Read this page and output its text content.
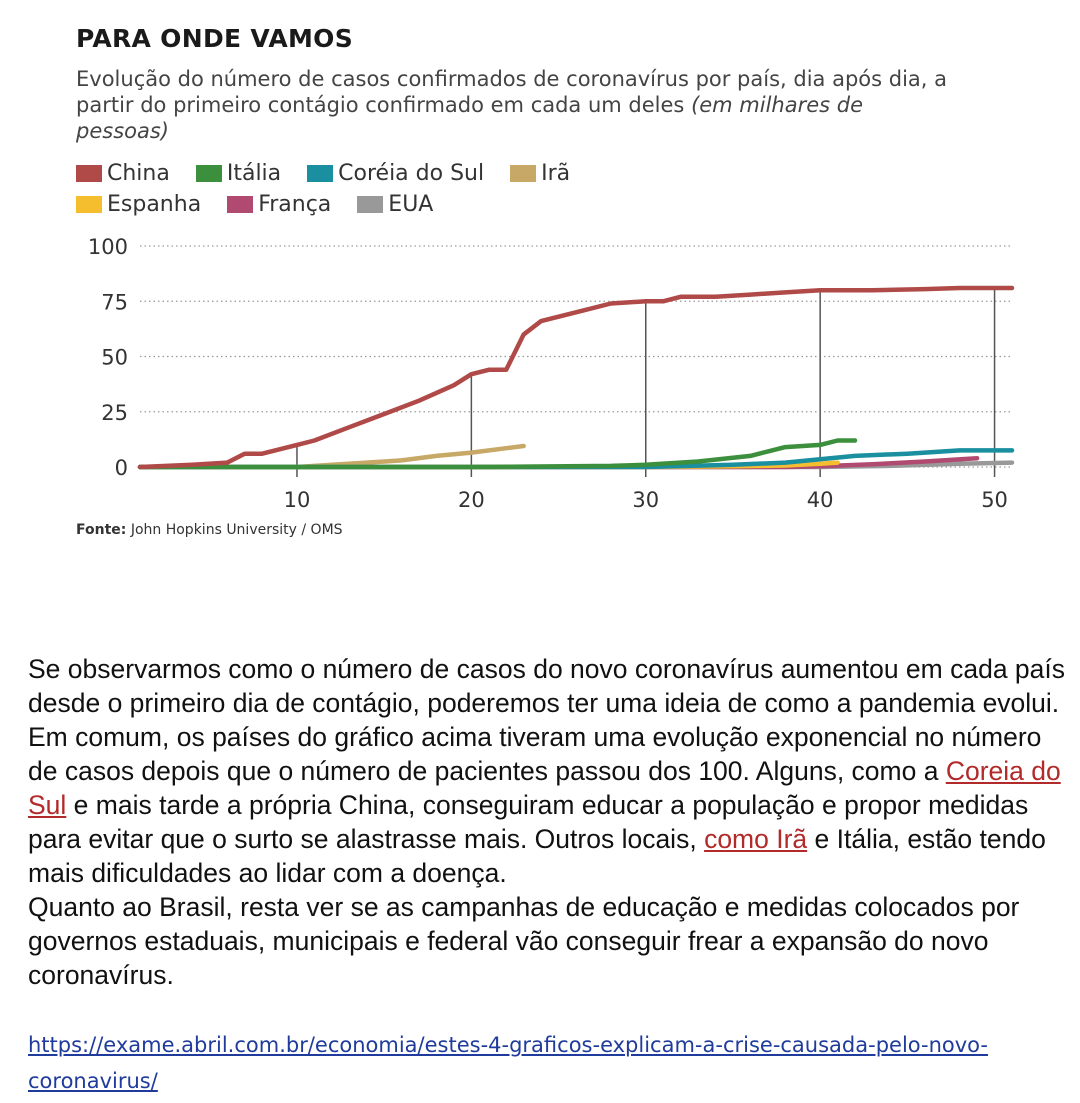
PARA ONDE VAMOS
Evolução do número de casos confirmados de coronavírus por país, dia após dia, a partir do primeiro contágio confirmado em cada um deles (em milhares de pessoas)
China	Itália	Coréia do Sul	Irã
Espanha	França	EUA
0
25
50
75
100
10	20	30	40	50
Fonte: John Hopkins University / OMS

Se observarmos como o número de casos do novo coronavírus aumentou em cada país desde o primeiro dia de contágio, poderemos ter uma ideia de como a pandemia evolui.

Em comum, os países do gráfico acima tiveram uma evolução exponencial no número de casos depois que o número de pacientes passou dos 100. Alguns, como a Coreia do Sul e mais tarde a própria China, conseguiram educar a população e propor medidas para evitar que o surto se alastrasse mais. Outros locais, como Irã e Itália, estão tendo mais dificuldades ao lidar com a doença.

Quanto ao Brasil, resta ver se as campanhas de educação e medidas colocados por governos estaduais, municipais e federal vão conseguir frear a expansão do novo coronavírus.

https://exame.abril.com.br/economia/estes-4-graficos-explicam-a-crise-causada-pelo-novo-coronavirus/
